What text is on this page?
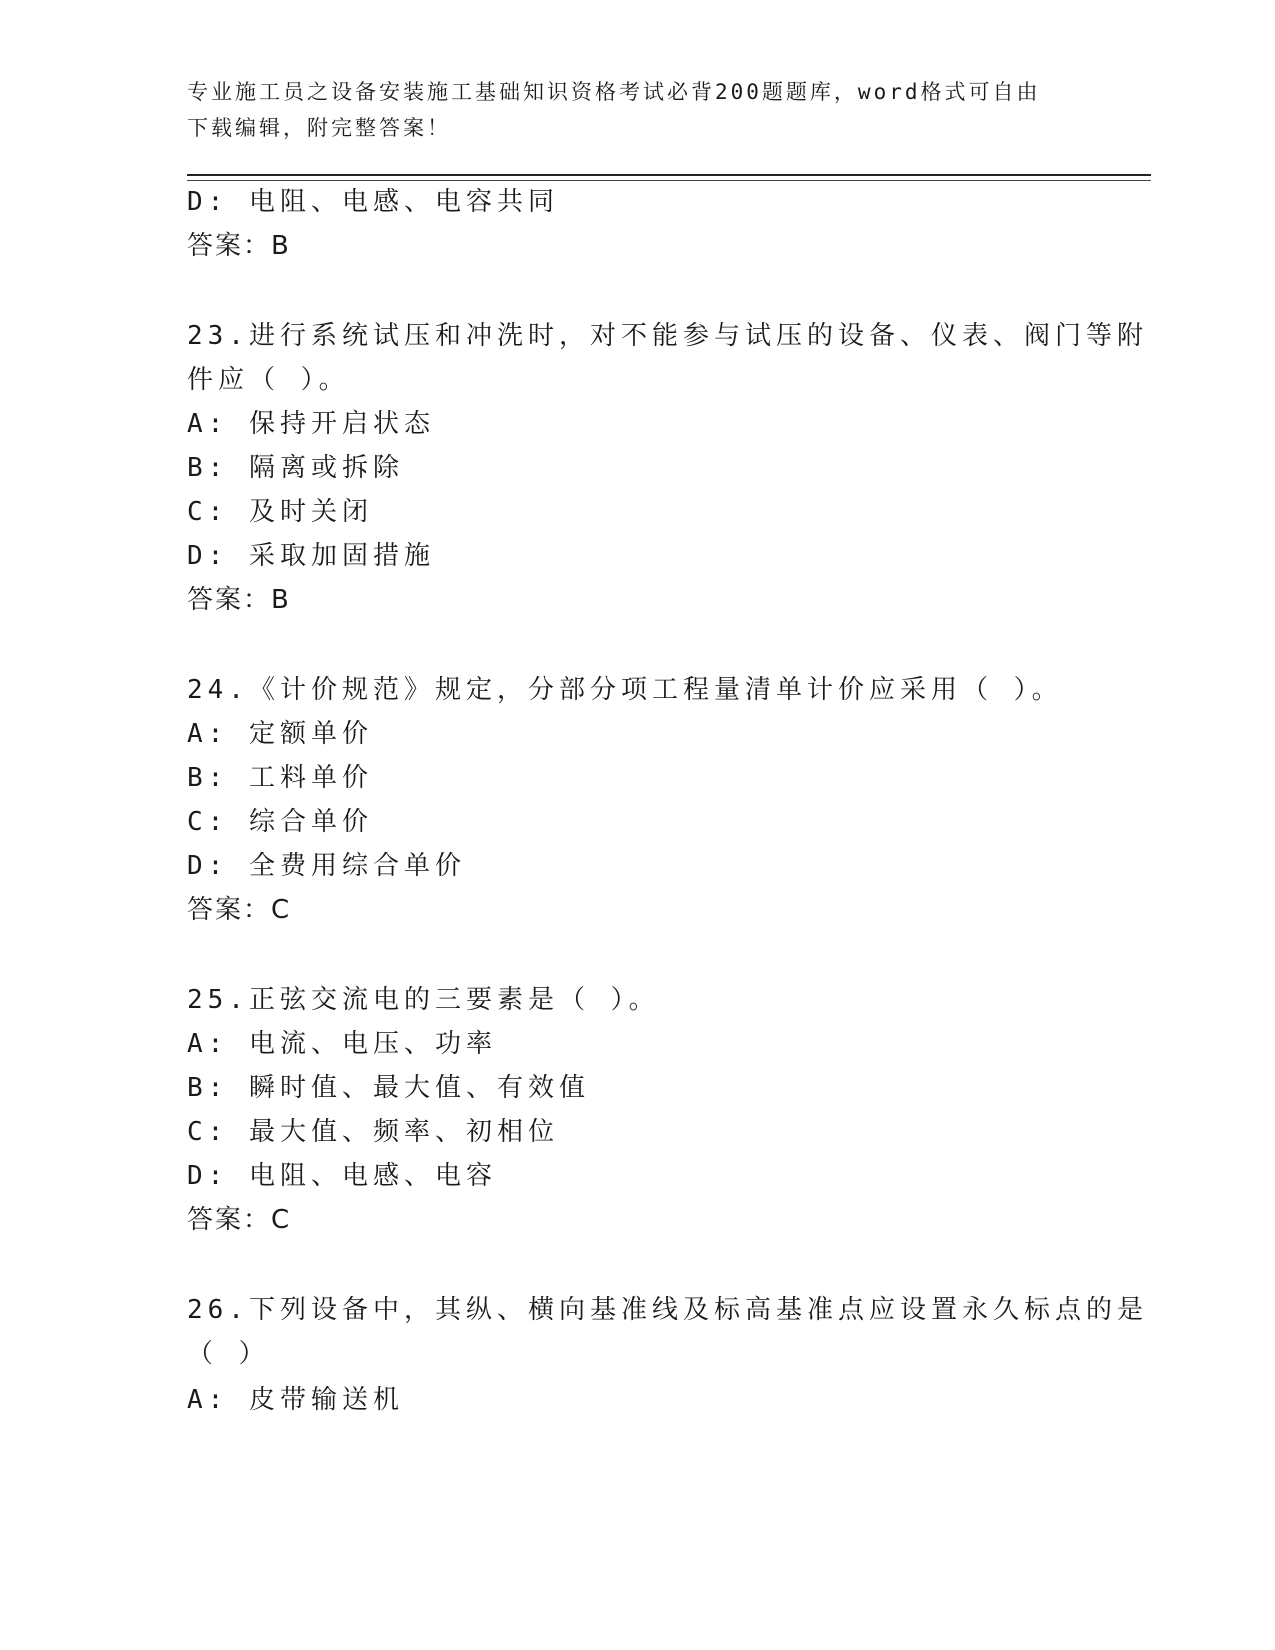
专业施工员之设备安装施工基础知识资格考试必背200题题库，word格式可自由
下载编辑，附完整答案！
D: 电阻、电感、电容共同
答案：B
23.进行系统试压和冲洗时，对不能参与试压的设备、仪表、阀门等附
件应（ ）。
A: 保持开启状态
B: 隔离或拆除
C: 及时关闭
D: 采取加固措施
答案：B
24.《计价规范》规定，分部分项工程量清单计价应采用（ ）。
A: 定额单价
B: 工料单价
C: 综合单价
D: 全费用综合单价
答案：C
25.正弦交流电的三要素是（ ）。
A: 电流、电压、功率
B: 瞬时值、最大值、有效值
C: 最大值、频率、初相位
D: 电阻、电感、电容
答案：C
26.下列设备中，其纵、横向基准线及标高基准点应设置永久标点的是
（ ）
A: 皮带输送机
